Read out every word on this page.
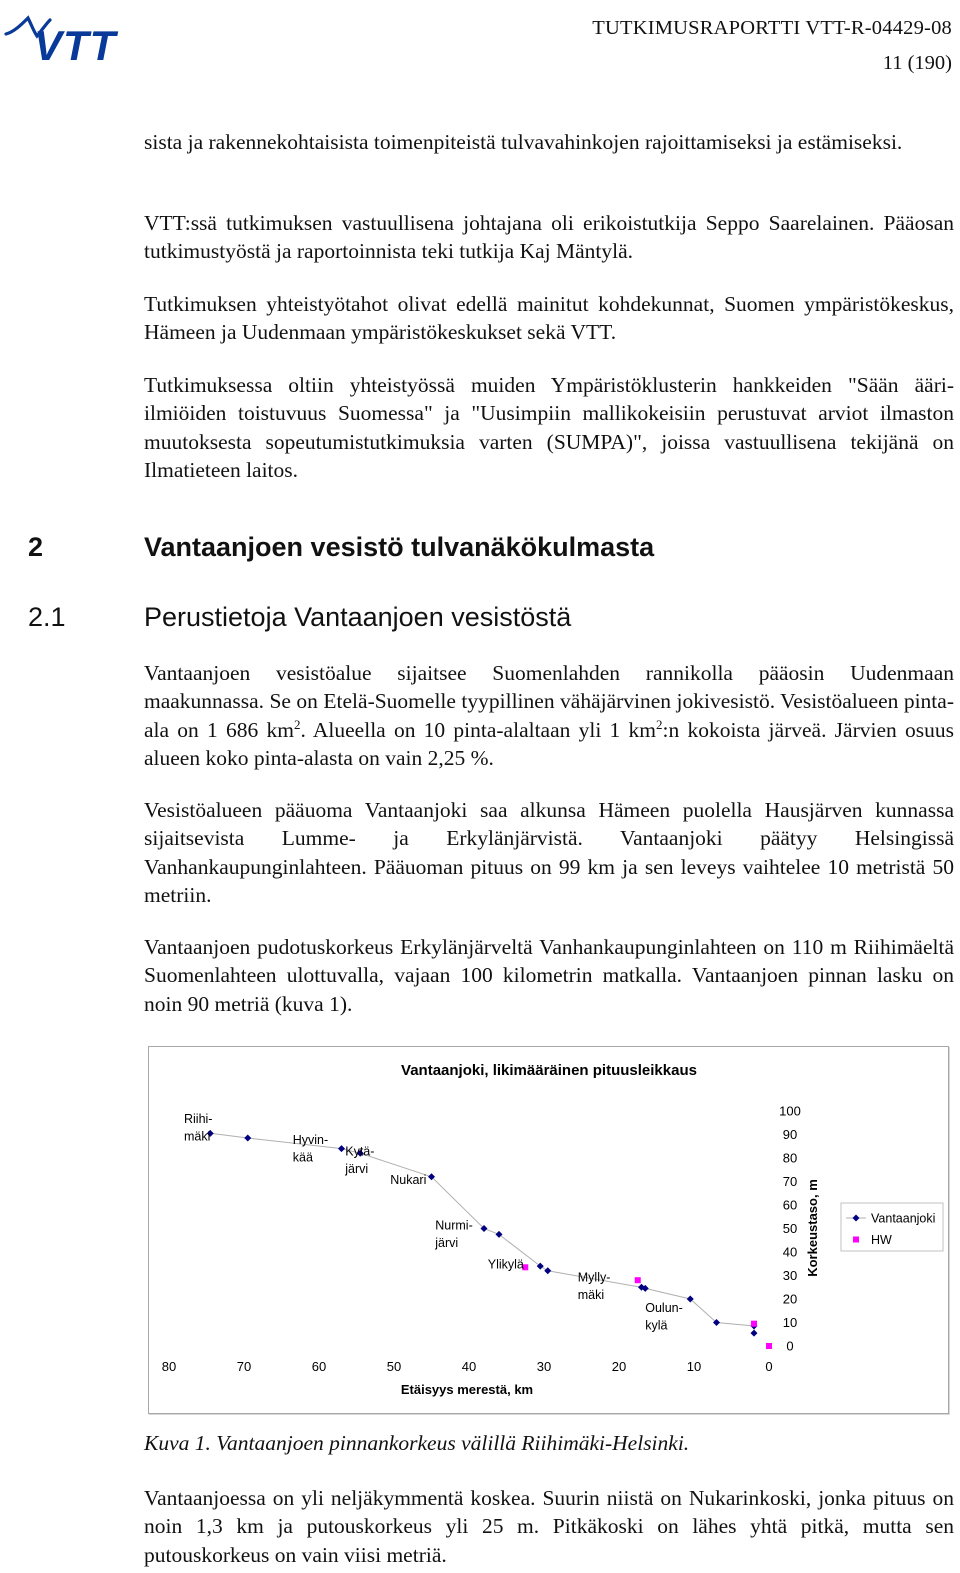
VTT	TUTKIMUSRAPORTTI VTT-R-04429-08
11 (190)

sista ja rakennekohtaisista toimenpiteistä tulvavahinkojen rajoittamiseksi ja estämiseksi.

VTT:ssä tutkimuksen vastuullisena johtajana oli erikoistutkija Seppo Saarelainen. Pääosan tutkimustyöstä ja raportoinnista teki tutkija Kaj Mäntylä.

Tutkimuksen yhteistyötahot olivat edellä mainitut kohdekunnat, Suomen ympäristökeskus, Hämeen ja Uudenmaan ympäristökeskukset sekä VTT.

Tutkimuksessa oltiin yhteistyössä muiden Ympäristöklusterin hankkeiden "Sään ääri-ilmiöiden toistuvuus Suomessa" ja "Uusimpiin mallikokeisiin perustuvat arviot ilmaston muutoksesta sopeutumistutkimuksia varten (SUMPA)", joissa vastuullisena tekijänä on Ilmatieteen laitos.

2	Vantaanjoen vesistö tulvanäkökulmasta
2.1	Perustietoja Vantaanjoen vesistöstä

Vantaanjoen vesistöalue sijaitsee Suomenlahden rannikolla pääosin Uudenmaan maakunnassa. Se on Etelä-Suomelle tyypillinen vähäjärvinen jokivesistö. Vesistöalueen pinta-ala on 1 686 $km^2$. Alueella on 10 pinta-alaltaan yli 1 $km^2:n$ kokoista järveä. Järvien osuus alueen koko pinta-alasta on vain 2,25 %.

Vesistöalueen pääuoma Vantaanjoki saa alkunsa Hämeen puolella Hausjärven kunnassa sijaitsevista Lumme- ja Erkylänjärvistä. Vantaanjoki päätyy Helsingissä Vanhankaupunginlahteen. Pääuoman pituus on 99 km ja sen leveys vaihtelee 10 metristä 50 metriin.

Vantaanjoen pudotuskorkeus Erkylänjärveltä Vanhankaupunginlahteen on 110 m Riihimäeltä Suomenlahteen ulottuvalla, vajaan 100 kilometrin matkalla. Vantaanjoen pinnan lasku on noin 90 metriä (kuva 1).

Vantaanjoki, likimääräinen pituusleikkaus
80	70	60	50	40	30	20	10	0
Etäisyys merestä, km
100
90
80
70
60
50
40
30
20
10
0
Korkeustaso, m
Riihi-
mäki	Hyvin-
kää	Kytä-
järvi
Nukari
Nurmi-
järvi
Ylikylä
Mylly-
mäki
Oulun-
kylä
Vantaanjoki
HW
Kuva 1. Vantaanjoen pinnankorkeus välillä Riihimäki-Helsinki.

Vantaanjoessa on yli neljäkymmentä koskea. Suurin niistä on Nukarinkoski, jonka pituus on noin 1,3 km ja putouskorkeus yli 25 m. Pitkäkoski on lähes yhtä pitkä, mutta sen putouskorkeus on vain viisi metriä.
